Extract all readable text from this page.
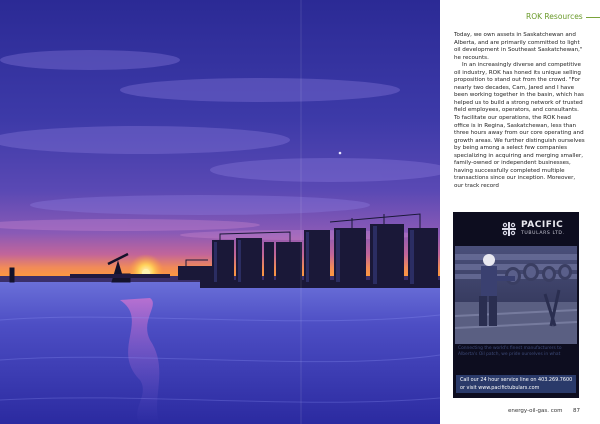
ROK Resources

Today, we own assets in Saskatchewan and Alberta, and are primarily committed to light oil development in Southeast Saskatchewan," he recounts.

In an increasingly diverse and competitive oil industry, ROK has honed its unique selling proposition to stand out from the crowd. "For nearly two decades, Cam, Jared and I have been working together in the basin, which has helped us to build a strong network of trusted field employees, operators, and consultants. To facilitate our operations, the ROK head office is in Regina, Saskatchewan, less than three hours away from our core operating and growth areas. We further distinguish ourselves by being among a select few companies specializing in acquiring and merging smaller, family-owned or independent businesses, having successfully completed multiple transactions since our inception. Moreover, our track record

PACIFIC
TUBULARS LTD.
Connecting the world's finest manufacturers to Alberta's Oil patch, we pride ourselves in what
Call our 24 hour service line on 403.269.7600
or visit www.pacifictubulars.com
energy-oil-gas. com 87
